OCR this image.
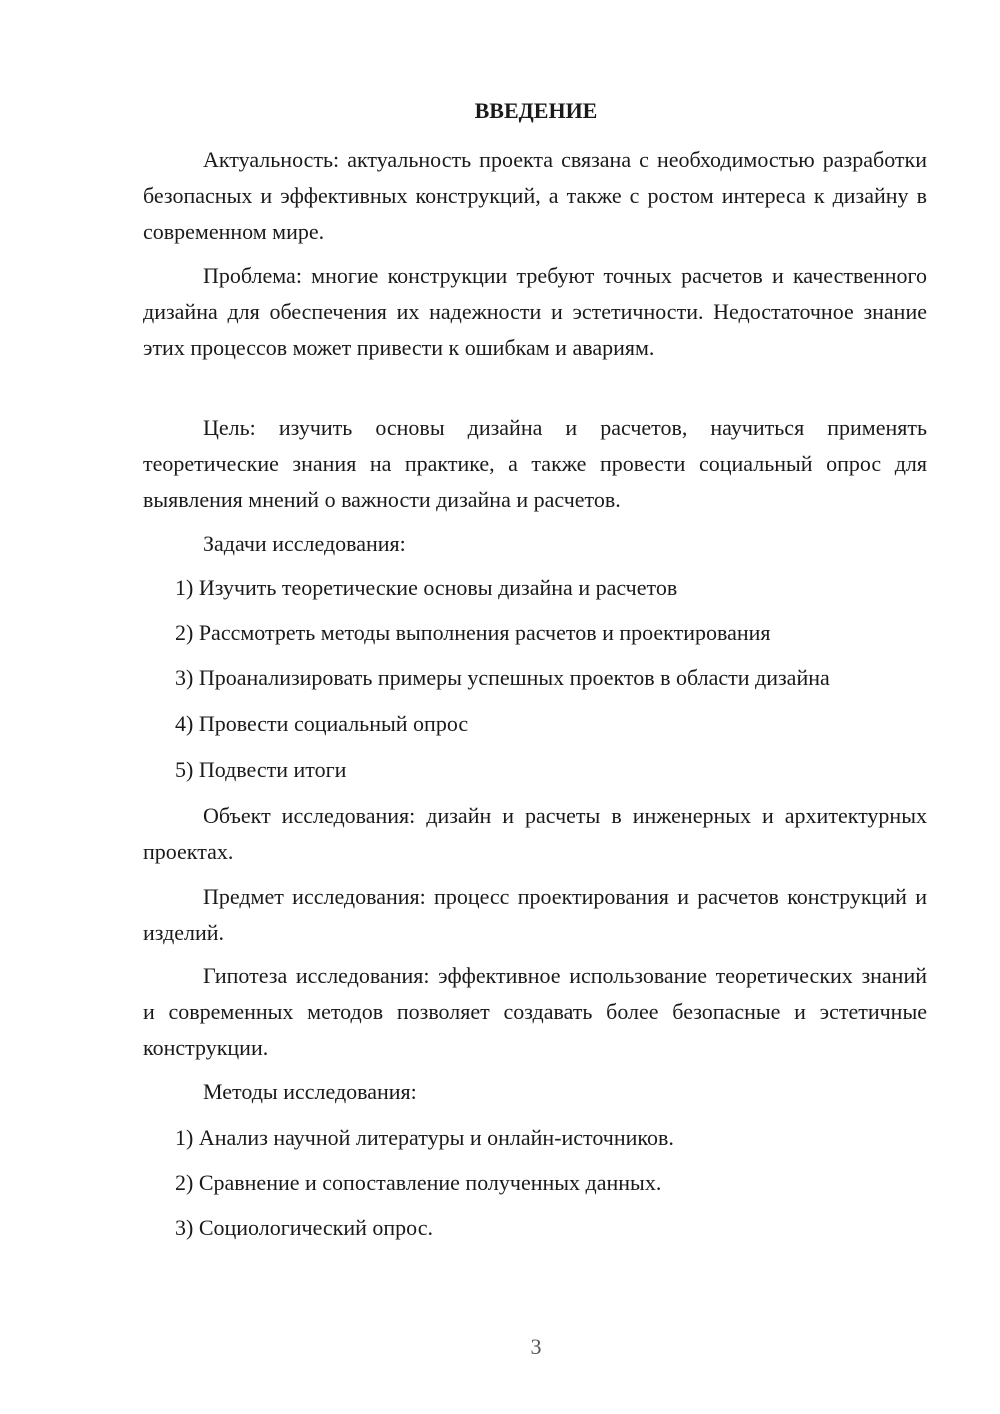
ВВЕДЕНИЕ

Актуальность: актуальность проекта связана с необходимостью разработки безопасных и эффективных конструкций, а также с ростом интереса к дизайну в современном мире.

Проблема: многие конструкции требуют точных расчетов и качественного дизайна для обеспечения их надежности и эстетичности. Недостаточное знание этих процессов может привести к ошибкам и авариям.

Цель: изучить основы дизайна и расчетов, научиться применять теоретические знания на практике, а также провести социальный опрос для выявления мнений о важности дизайна и расчетов.

Задачи исследования:

1) Изучить теоретические основы дизайна и расчетов

2) Рассмотреть методы выполнения расчетов и проектирования

3) Проанализировать примеры успешных проектов в области дизайна

4) Провести социальный опрос

5) Подвести итоги

Объект исследования: дизайн и расчеты в инженерных и архитектурных проектах.

Предмет исследования: процесс проектирования и расчетов конструкций и изделий.

Гипотеза исследования: эффективное использование теоретических знаний и современных методов позволяет создавать более безопасные и эстетичные конструкции.

Методы исследования:

1) Анализ научной литературы и онлайн-источников.

2) Сравнение и сопоставление полученных данных.

3) Социологический опрос.

3
